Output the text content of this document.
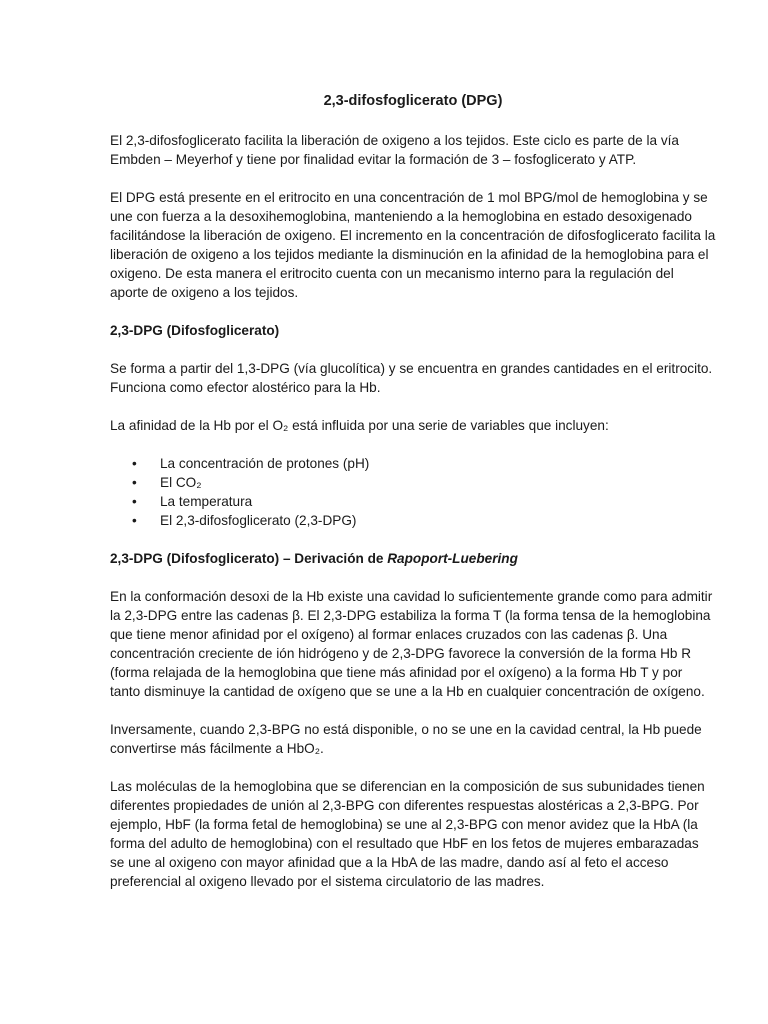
2,3-difosfoglicerato (DPG)

El 2,3-difosfoglicerato facilita la liberación de oxigeno a los tejidos. Este ciclo es parte de la vía Embden – Meyerhof y tiene por finalidad evitar la formación de 3 – fosfoglicerato y ATP.

El DPG está presente en el eritrocito en una concentración de 1 mol BPG/mol de hemoglobina y se une con fuerza a la desoxihemoglobina, manteniendo a la hemoglobina en estado desoxigenado facilitándose la liberación de oxigeno. El incremento en la concentración de difosfoglicerato facilita la liberación de oxigeno a los tejidos mediante la disminución en la afinidad de la hemoglobina para el oxigeno. De esta manera el eritrocito cuenta con un mecanismo interno para la regulación del aporte de oxigeno a los tejidos.

2,3-DPG (Difosfoglicerato)

Se forma a partir del 1,3-DPG (vía glucolítica) y se encuentra en grandes cantidades en el eritrocito. Funciona como efector alostérico para la Hb.

La afinidad de la Hb por el O₂ está influida por una serie de variables que incluyen:

• La concentración de protones (pH)
• El CO₂
• La temperatura
• El 2,3-difosfoglicerato (2,3-DPG)
2,3-DPG (Difosfoglicerato) – Derivación de Rapoport-Luebering

En la conformación desoxi de la Hb existe una cavidad lo suficientemente grande como para admitir la 2,3-DPG entre las cadenas β. El 2,3-DPG estabiliza la forma T (la forma tensa de la hemoglobina que tiene menor afinidad por el oxígeno) al formar enlaces cruzados con las cadenas β. Una concentración creciente de ión hidrógeno y de 2,3-DPG favorece la conversión de la forma Hb R (forma relajada de la hemoglobina que tiene más afinidad por el oxígeno) a la forma Hb T y por tanto disminuye la cantidad de oxígeno que se une a la Hb en cualquier concentración de oxígeno.

Inversamente, cuando 2,3-BPG no está disponible, o no se une en la cavidad central, la Hb puede convertirse más fácilmente a HbO₂.

Las moléculas de la hemoglobina que se diferencian en la composición de sus subunidades tienen diferentes propiedades de unión al 2,3-BPG con diferentes respuestas alostéricas a 2,3-BPG. Por ejemplo, HbF (la forma fetal de hemoglobina) se une al 2,3-BPG con menor avidez que la HbA (la forma del adulto de hemoglobina) con el resultado que HbF en los fetos de mujeres embarazadas se une al oxigeno con mayor afinidad que a la HbA de las madre, dando así al feto el acceso preferencial al oxigeno llevado por el sistema circulatorio de las madres.
